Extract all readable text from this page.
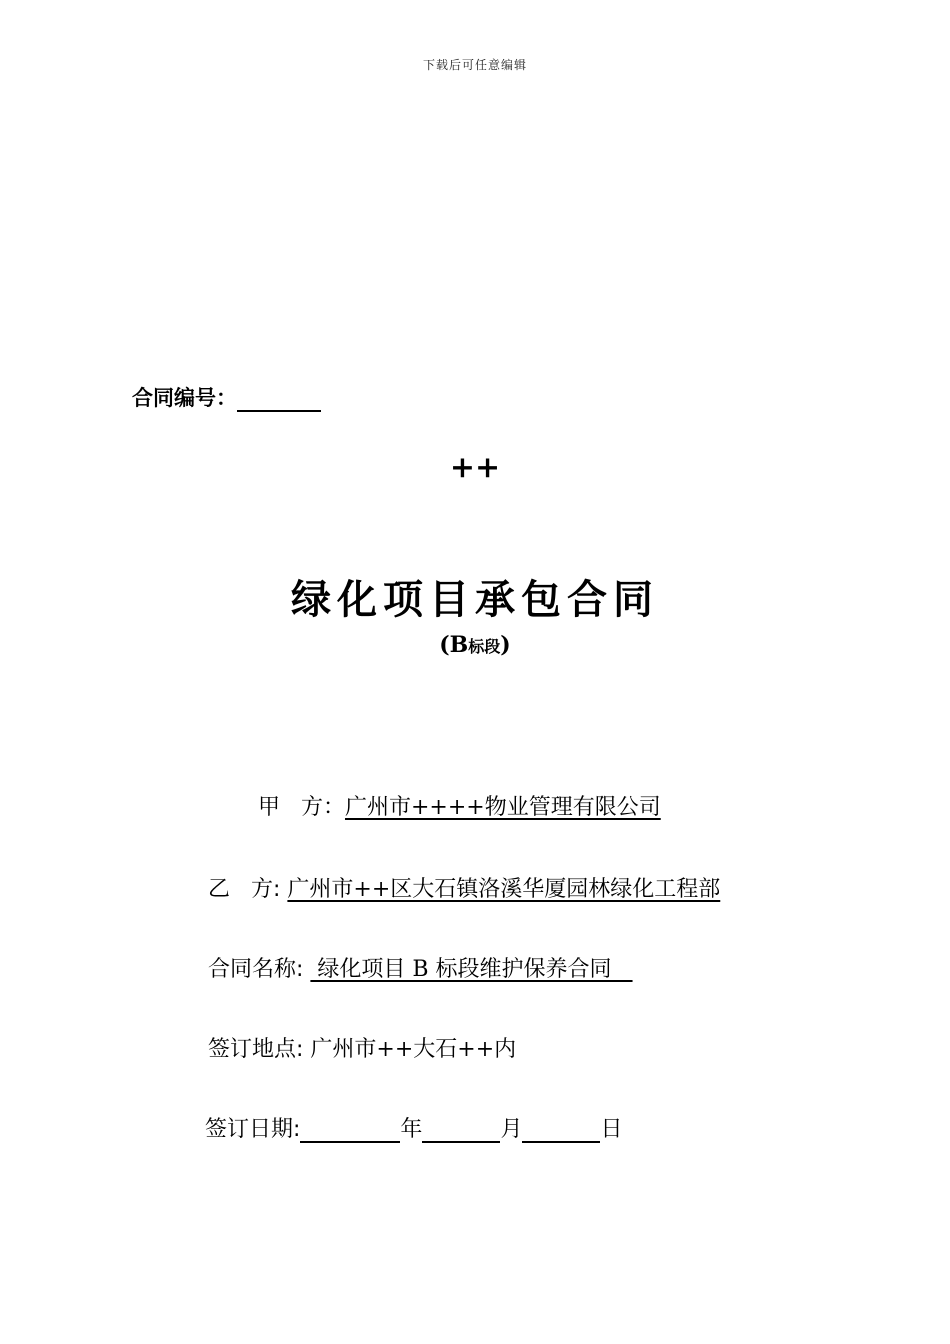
下载后可任意编辑
合同编号：
++
绿化项目承包合同
(B标段)
甲   方：广州市++++物业管理有限公司
乙   方: 广州市++区大石镇洛溪华厦园林绿化工程部
合同名称:  绿化项目 B 标段维护保养合同
签订地点: 广州市++大石++内
签订日期:	年	月	日
